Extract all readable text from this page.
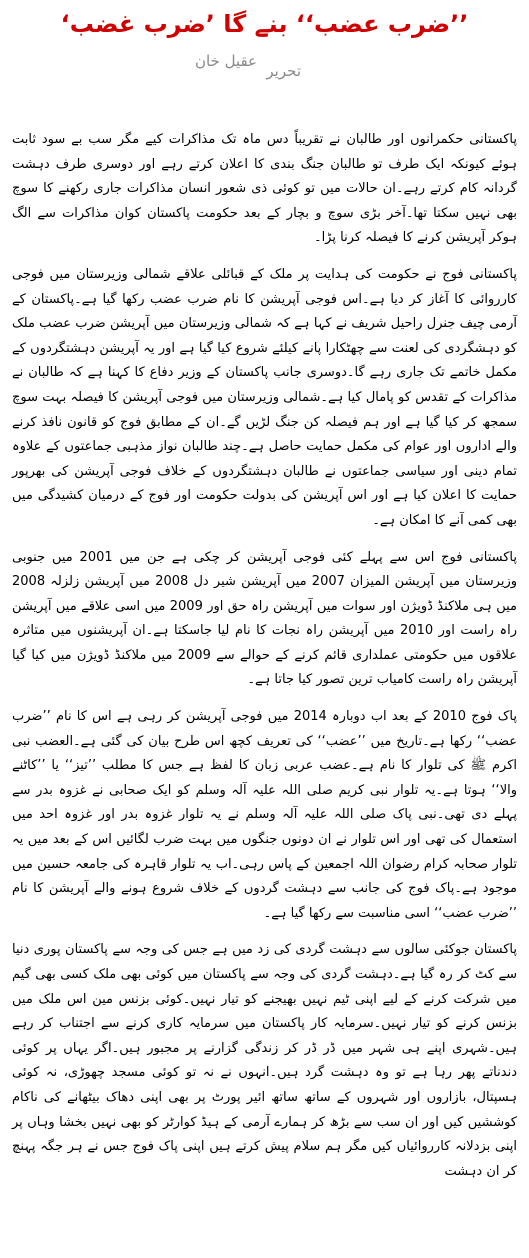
’’ضرب عضب‘‘ بنے گا ’ضرب غضب‘
تحریر
عقیل خان

پاکستانی حکمرانوں اور طالبان نے تقریباً دس ماہ تک مذاکرات کیے مگر سب بے سود ثابت ہوئے کیونکہ ایک طرف تو طالبان جنگ بندی کا اعلان کرتے رہے اور دوسری طرف دہشت گردانہ کام کرتے رہے۔ان حالات میں تو کوئی ذی شعور انسان مذاکرات جاری رکھنے کا سوچ بھی نہیں سکتا تھا۔آخر بڑی سوچ و بچار کے بعد حکومت پاکستان کوان مذاکرات سے الگ ہوکر آپریشن کرنے کا فیصلہ کرنا پڑا۔

پاکستانی فوج نے حکومت کی ہدایت پر ملک کے قبائلی علاقے شمالی وزیرستان میں فوجی کارروائی کا آغاز کر دیا ہے۔اس فوجی آپریشن کا نام ضرب عضب رکھا گیا ہے۔پاکستان کے آرمی چیف جنرل راحیل شریف نے کہا ہے کہ شمالی وزیرستان میں آپریشن ضرب عضب ملک کو دہشگردی کی لعنت سے چھٹکارا پانے کیلئے شروع کیا گیا ہے اور یہ آپریشن دہشتگردوں کے مکمل خاتمے تک جاری رہے گا۔دوسری جانب پاکستان کے وزیر دفاع کا کہنا ہے کہ طالبان نے مذاکرات کے تقدس کو پامال کیا ہے۔شمالی وزیرستان میں فوجی آپریشن کا فیصلہ بہت سوچ سمجھ کر کیا گیا ہے اور ہم فیصلہ کن جنگ لڑیں گے۔ان کے مطابق فوج کو قانون نافذ کرنے والے اداروں اور عوام کی مکمل حمایت حاصل ہے۔چند طالبان نواز مذہبی جماعتوں کے علاوہ تمام دینی اور سیاسی جماعتوں نے طالبان دہشتگردوں کے خلاف فوجی آپریشن کی بھرپور حمایت کا اعلان کیا ہے اور اس آپریشن کی بدولت حکومت اور فوج کے درمیان کشیدگی میں بھی کمی آنے کا امکان ہے۔

پاکستانی فوج اس سے پہلے کئی فوجی آپریشن کر چکی ہے جن میں 2001 میں جنوبی وزیرستان میں آپریشن المیزان 2007 میں آپریشن شیر دل 2008 میں آپریشن زلزلہ 2008 میں ہی ملاکنڈ ڈویژن اور سوات میں آپریشن راہ حق اور 2009 میں اسی علاقے میں آپریشن راہ راست اور 2010 میں آپریشن راہ نجات کا نام لیا جاسکتا ہے۔ان آپریشنوں میں متاثرہ علاقوں میں حکومتی عملداری قائم کرنے کے حوالے سے 2009 میں ملاکنڈ ڈویژن میں کیا گیا آپریشن راہ راست کامیاب ترین تصور کیا جاتا ہے۔

پاک فوج 2010 کے بعد اب دوبارہ 2014 میں فوجی آپریشن کر رہی ہے اس کا نام ’’ضرب عضب‘‘ رکھا ہے۔تاریخ میں ’’عضب‘‘ کی تعریف کچھ اس طرح بیان کی گئی ہے۔العضب نبی اکرم ﷺ کی تلوار کا نام ہے۔عضب عربی زبان کا لفظ ہے جس کا مطلب ’’تیز‘‘ یا ’’کاٹنے والا‘‘ ہوتا ہے۔یہ تلوار نبی کریم صلی اللہ علیہ آلہ وسلم کو ایک صحابی نے غزوہ بدر سے پہلے دی تھی۔نبی پاک صلی اللہ علیہ آلہ وسلم نے یہ تلوار غزوہ بدر اور غزوہ احد میں استعمال کی تھی اور اس تلوار نے ان دونوں جنگوں میں بہت ضرب لگائیں اس کے بعد میں یہ تلوار صحابہ کرام رضوان اللہ اجمعین کے پاس رہی۔اب یہ تلوار قاہرہ کی جامعہ حسین میں موجود ہے۔پاک فوج کی جانب سے دہشت گردوں کے خلاف شروع ہونے والے آپریشن کا نام ’’ضرب عضب‘‘ اسی مناسبت سے رکھا گیا ہے۔

پاکستان جوکئی سالوں سے دہشت گردی کی زد میں ہے جس کی وجہ سے پاکستان پوری دنیا سے کٹ کر رہ گیا ہے۔دہشت گردی کی وجہ سے پاکستان میں کوئی بھی ملک کسی بھی گیم میں شرکت کرنے کے لیے اپنی ٹیم نہیں بھیجنے کو تیار نہیں۔کوئی بزنس مین اس ملک میں بزنس کرنے کو تیار نہیں۔سرمایہ کار پاکستان میں سرمایہ کاری کرنے سے اجتناب کر رہے ہیں۔شہری اپنے ہی شہر میں ڈر ڈر کر زندگی گزارنے پر مجبور ہیں۔اگر یہاں پر کوئی دندناتے پھر رہا ہے تو وہ دہشت گرد ہیں۔انہوں نے نہ تو کوئی مسجد چھوڑی، نہ کوئی ہسپتال، بازاروں اور شہروں کے ساتھ ساتھ ائیر پورٹ پر بھی اپنی دھاک بیٹھانے کی ناکام کوششیں کیں اور ان سب سے بڑھ کر ہمارے آرمی کے ہیڈ کوارٹر کو بھی نہیں بخشا وہاں پر اپنی بزدلانہ کارروائیاں کیں مگر ہم سلام پیش کرتے ہیں اپنی پاک فوج جس نے ہر جگہ پہنچ کر ان دہشت
